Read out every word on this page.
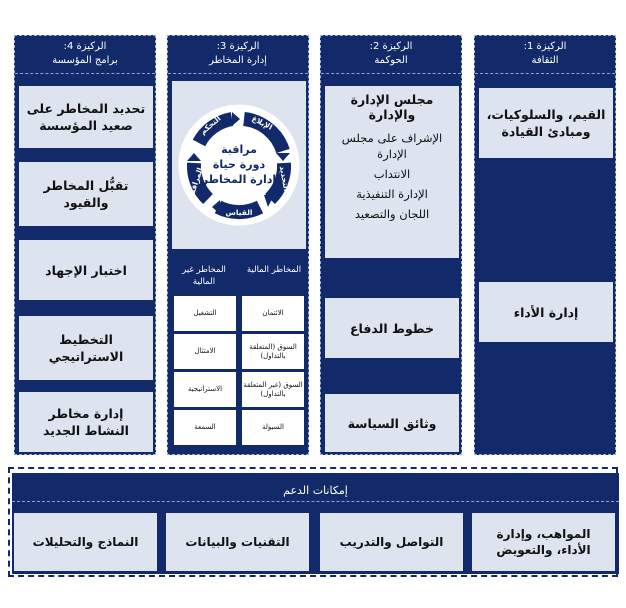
الركيزة 1:
الثقافة
القيم، والسلوكيات، ومبادئ القيادة
إدارة الأداء
الركيزة 2:
الحوكمة
مجلس الإدارة والإدارة
الإشراف على مجلس الإدارة
الانتداب
الإدارة التنفيذية
اللجان والتصعيد
خطوط الدفاع
وثائق السياسة
الركيزة 3:
إدارة المخاطر
مراقبة
دورة حياة
إدارة المخاطر
الإبلاغ
التحديد
القياس
المراقبة
التحكم
المخاطر المالية
المخاطر غير المالية
الائتمان
السوق (المتعلقة بالتداول)
السوق (غير المتعلقة بالتداول)
السيولة
التشغيل
الامتثال
الاستراتيجية
السمعة
الركيزة 4:
برامج المؤسسة
تحديد المخاطر على صعيد المؤسسة
تقبُّل المخاطر والقيود
اختبار الإجهاد
التخطيط الاستراتيجي
إدارة مخاطر النشاط الجديد
إمكانات الدعم
المواهب، وإدارة الأداء، والتعويض
التواصل والتدريب
التقنيات والبيانات
النماذج والتحليلات
